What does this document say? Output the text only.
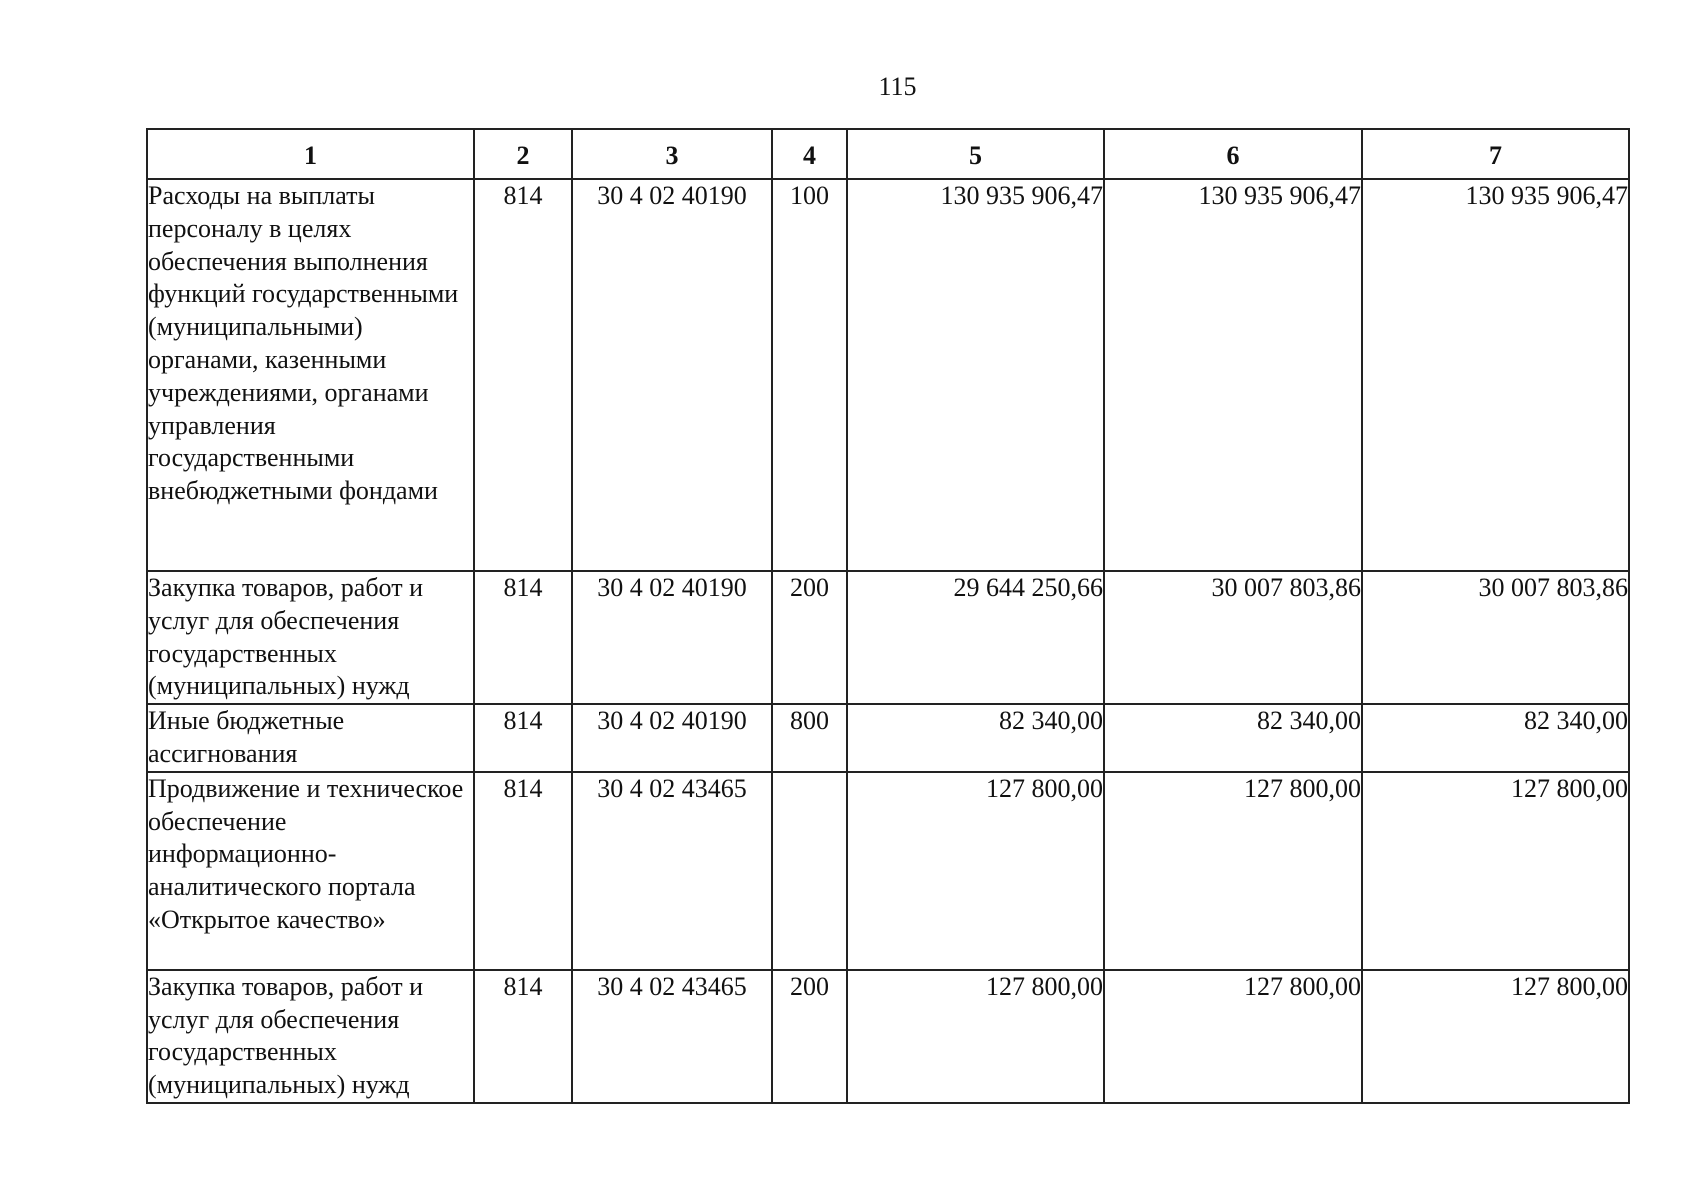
115
1	2	3	4	5	6	7
Расходы на выплаты персоналу в целях обеспечения выполнения функций государственными (муниципальными) органами, казенными учреждениями, органами управления государственными внебюджетными фондами	814	30 4 02 40190	100	130 935 906,47	130 935 906,47	130 935 906,47
Закупка товаров, работ и услуг для обеспечения государственных (муниципальных) нужд	814	30 4 02 40190	200	29 644 250,66	30 007 803,86	30 007 803,86
Иные бюджетные ассигнования	814	30 4 02 40190	800	82 340,00	82 340,00	82 340,00
Продвижение и техническое обеспечение информационно-аналитического портала «Открытое качество»	814	30 4 02 43465		127 800,00	127 800,00	127 800,00
Закупка товаров, работ и услуг для обеспечения государственных (муниципальных) нужд	814	30 4 02 43465	200	127 800,00	127 800,00	127 800,00
